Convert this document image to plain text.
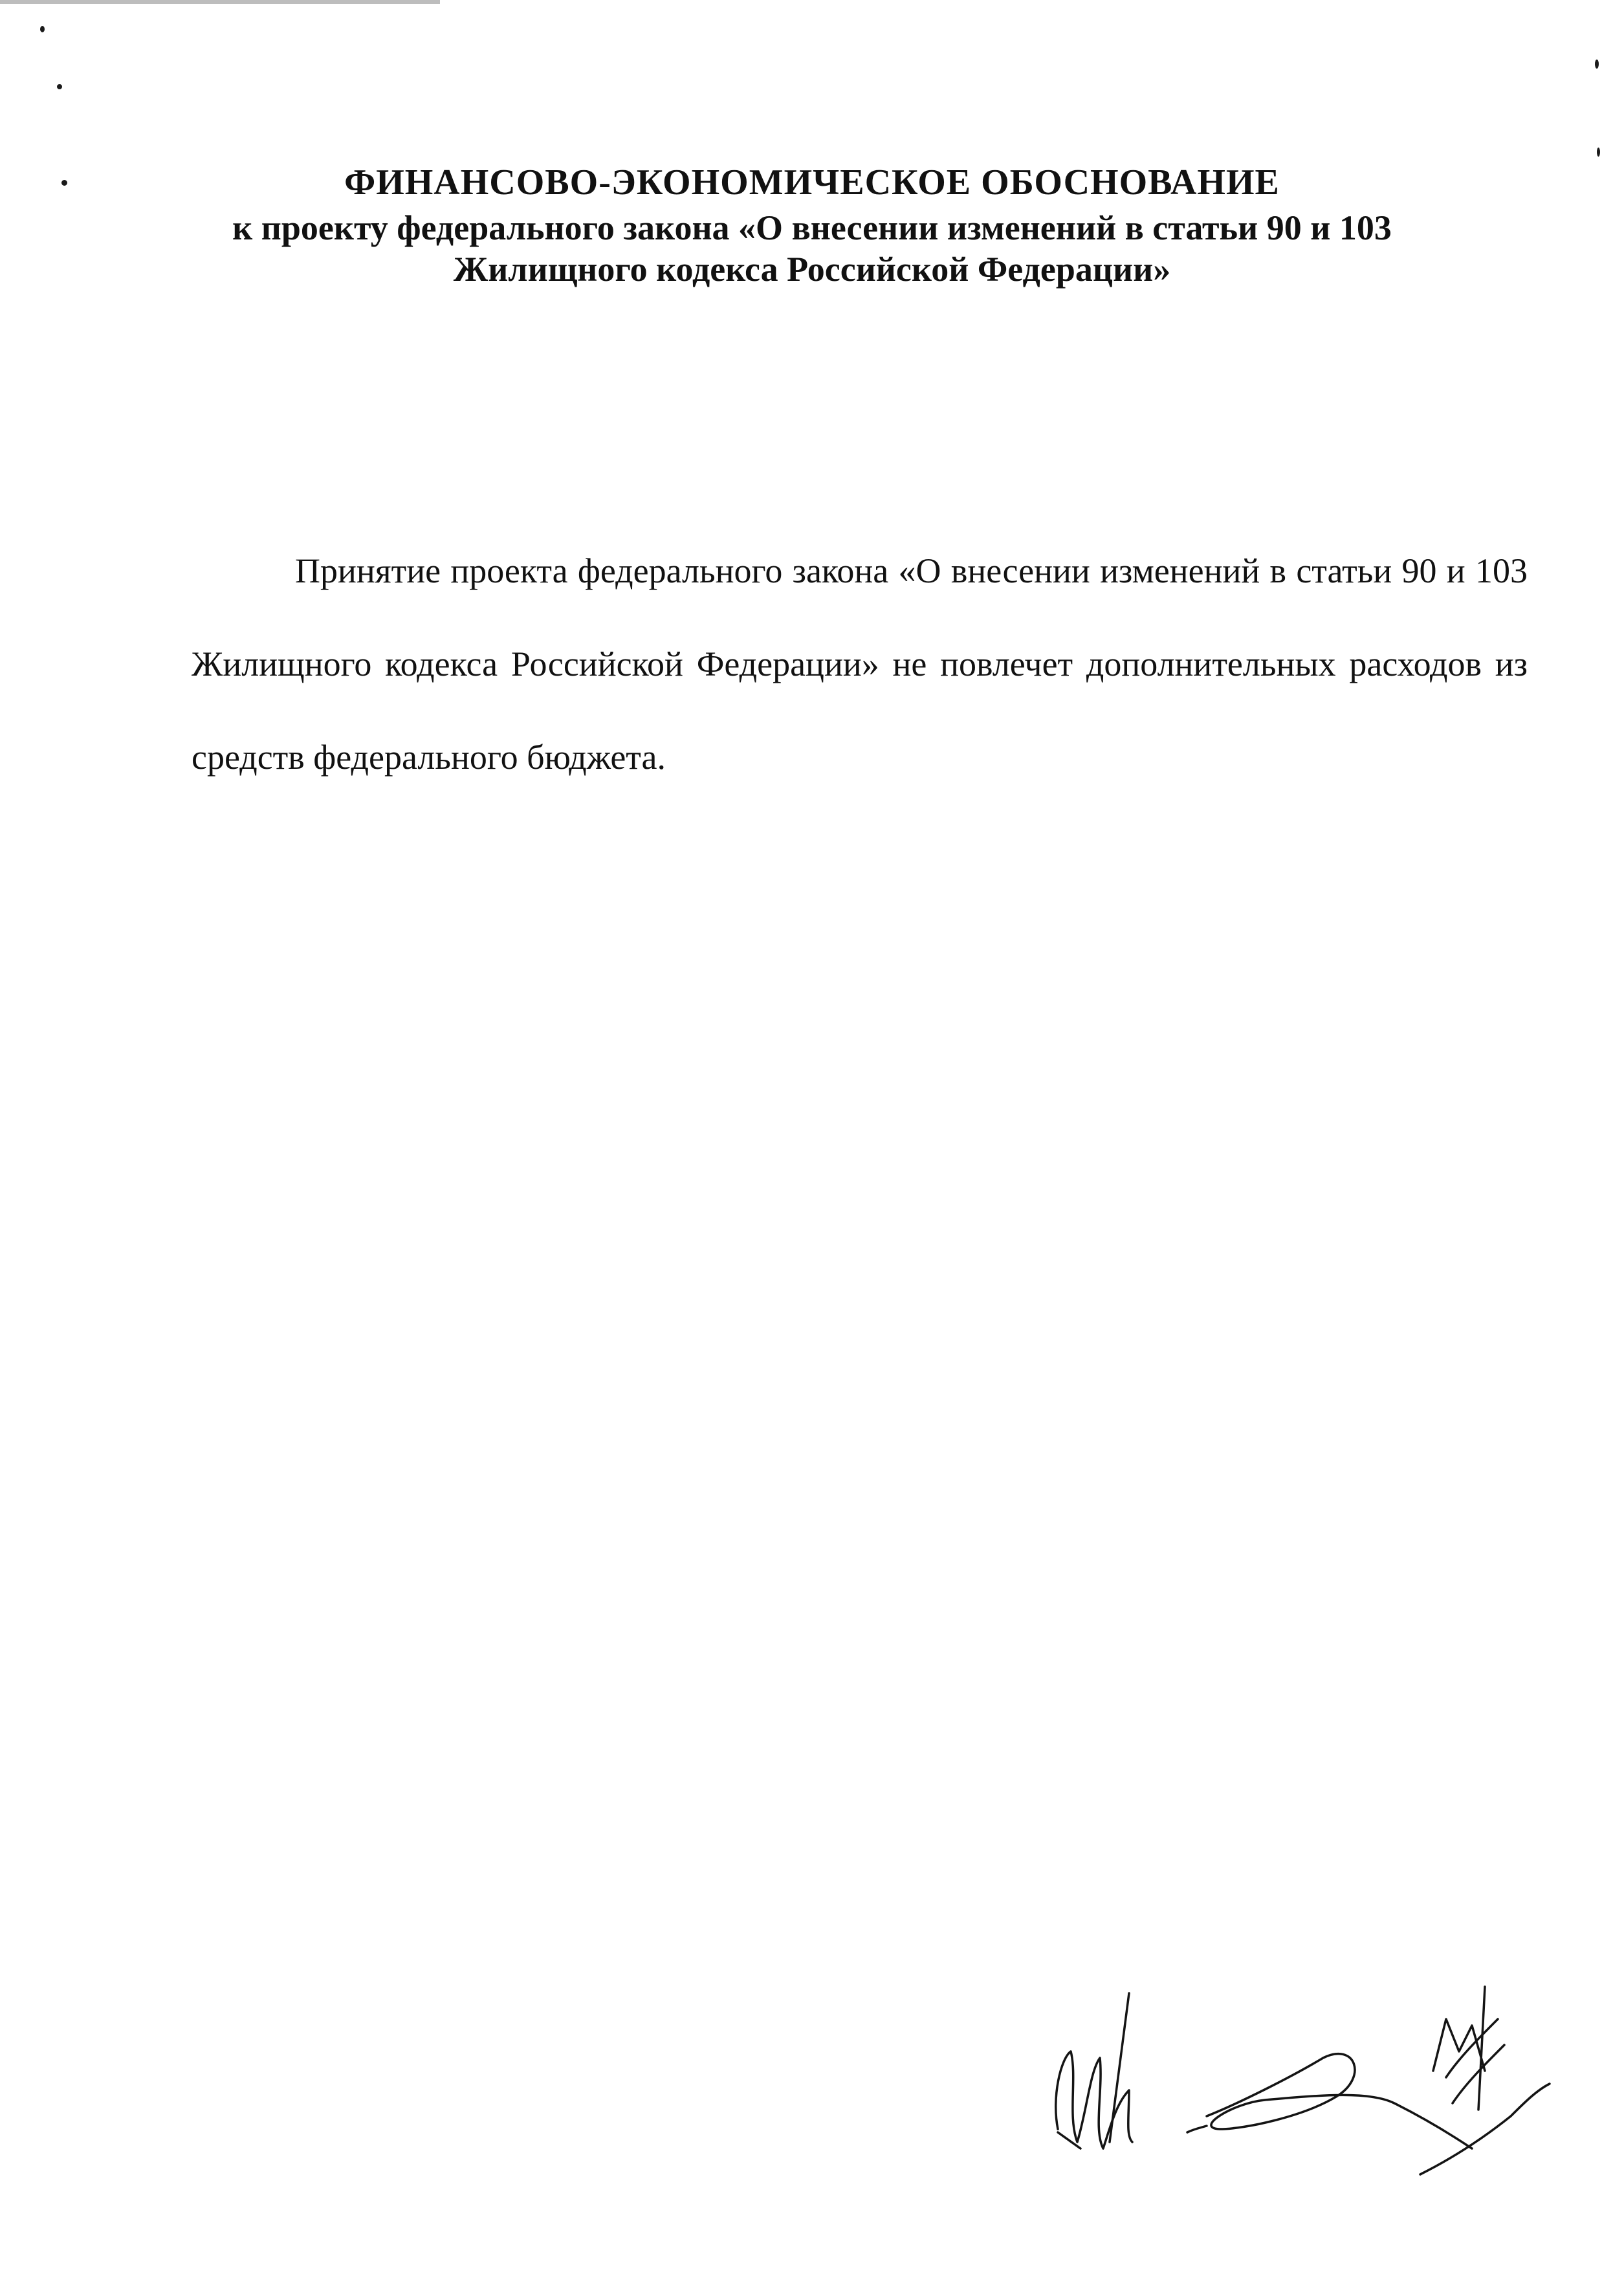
ФИНАНСОВО-ЭКОНОМИЧЕСКОЕ ОБОСНОВАНИЕ
к проекту федерального закона «О внесении изменений в статьи 90 и 103
Жилищного кодекса Российской Федерации»
Принятие проекта федерального закона «О внесении изменений в статьи 90 и 103 Жилищного кодекса Российской Федерации» не повлечет дополнительных расходов из средств федерального бюджета.
